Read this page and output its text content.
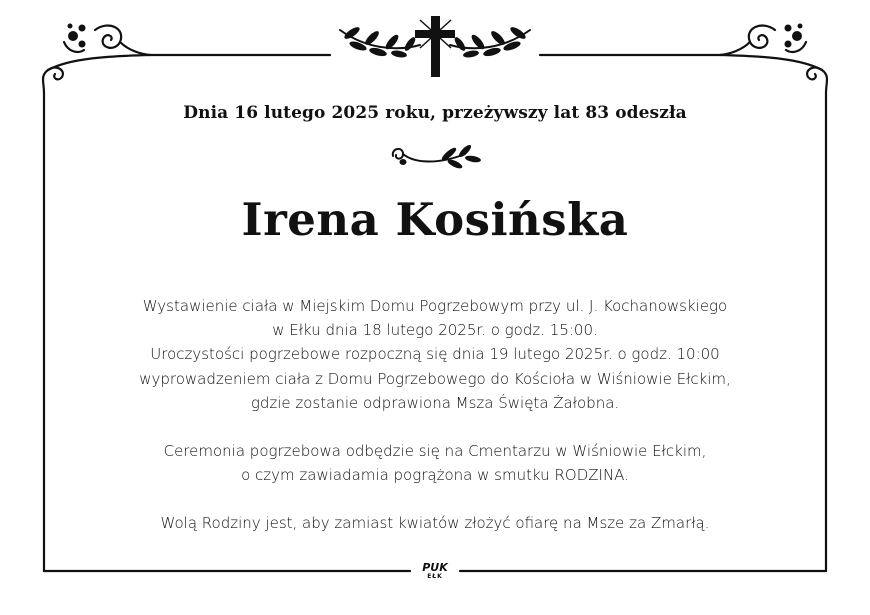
Dnia 16 lutego 2025 roku, przeżywszy lat 83 odeszła
Irena Kosińska

Wystawienie ciała w Miejskim Domu Pogrzebowym przy ul. J. Kochanowskiego

w Ełku dnia 18 lutego 2025r. o godz. 15:00.

Uroczystości pogrzebowe rozpoczną się dnia 19 lutego 2025r. o godz. 10:00

wyprowadzeniem ciała z Domu Pogrzebowego do Kościoła w Wiśniowie Ełckim,

gdzie zostanie odprawiona Msza Święta Żałobna.

Ceremonia pogrzebowa odbędzie się na Cmentarzu w Wiśniowie Ełckim,

o czym zawiadamia pogrążona w smutku RODZINA.

Wolą Rodziny jest, aby zamiast kwiatów złożyć ofiarę na Msze za Zmarłą.

PUK
EŁK
